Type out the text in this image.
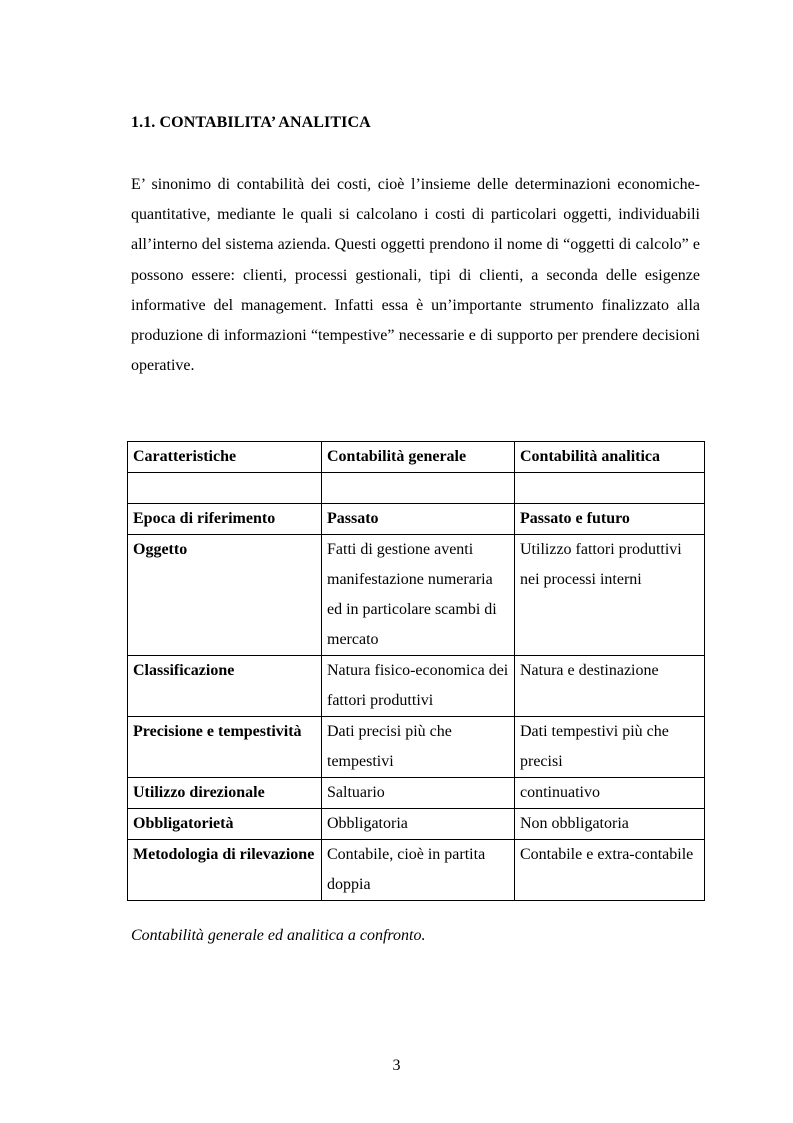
1.1. CONTABILITA’ ANALITICA

E’ sinonimo di contabilità dei costi, cioè l’insieme delle determinazioni economiche-quantitative, mediante le quali si calcolano i costi di particolari oggetti, individuabili all’interno del sistema azienda. Questi oggetti prendono il nome di “oggetti di calcolo” e possono essere: clienti, processi gestionali, tipi di clienti, a seconda delle esigenze informative del management. Infatti essa è un’importante strumento finalizzato alla produzione di informazioni “tempestive” necessarie e di supporto per prendere decisioni operative.

Caratteristiche	Contabilità generale	Contabilità analitica

Epoca di riferimento	Passato	Passato e futuro
Oggetto	Fatti di gestione aventi manifestazione numeraria ed in particolare scambi di mercato	Utilizzo fattori produttivi nei processi interni
Classificazione	Natura fisico-economica dei fattori produttivi	Natura e destinazione
Precisione e tempestività	Dati precisi più che tempestivi	Dati tempestivi più che precisi
Utilizzo direzionale	Saltuario	continuativo
Obbligatorietà	Obbligatoria	Non obbligatoria
Metodologia di rilevazione	Contabile, cioè in partita doppia	Contabile e extra-contabile

Contabilità generale ed analitica a confronto.

3
